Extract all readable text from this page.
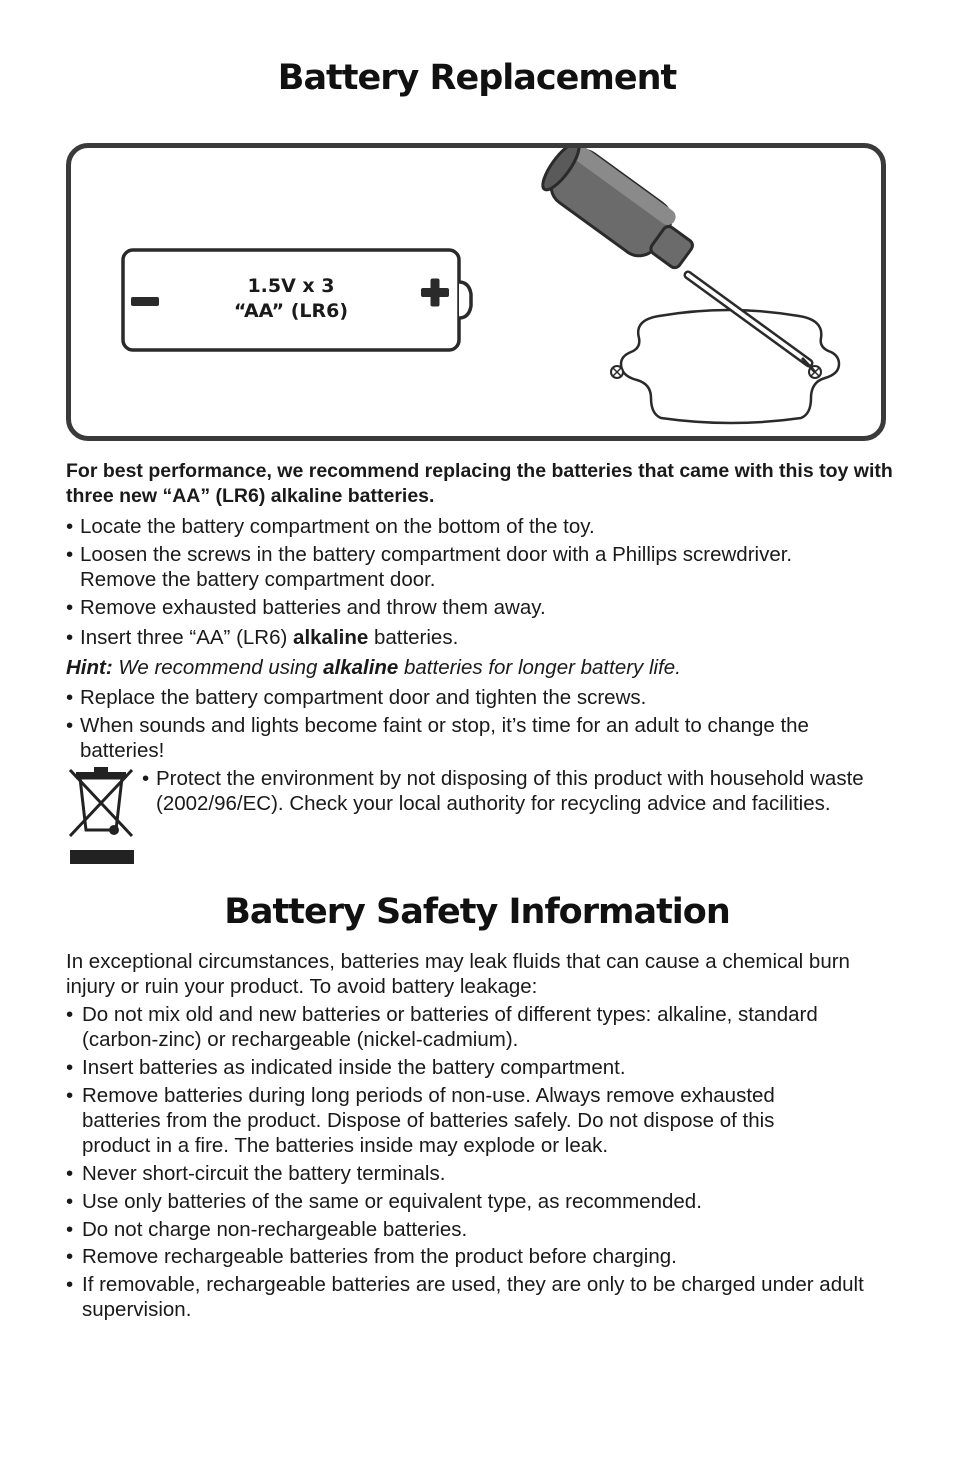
Battery Replacement
1.5V x 3
“AA” (LR6)
For best performance, we recommend replacing the batteries that came with this toy with three new “AA” (LR6) alkaline batteries.
• Locate the battery compartment on the bottom of the toy.
• Loosen the screws in the battery compartment door with a Phillips screwdriver. Remove the battery compartment door.
• Remove exhausted batteries and throw them away.
• Insert three “AA” (LR6) alkaline batteries.
Hint: We recommend using alkaline batteries for longer battery life.
• Replace the battery compartment door and tighten the screws.
• When sounds and lights become faint or stop, it’s time for an adult to change the batteries!
• Protect the environment by not disposing of this product with household waste (2002/96/EC). Check your local authority for recycling advice and facilities.
Battery Safety Information
In exceptional circumstances, batteries may leak fluids that can cause a chemical burn injury or ruin your product. To avoid battery leakage:
• Do not mix old and new batteries or batteries of different types: alkaline, standard (carbon-zinc) or rechargeable (nickel-cadmium).
• Insert batteries as indicated inside the battery compartment.
• Remove batteries during long periods of non-use. Always remove exhausted batteries from the product. Dispose of batteries safely. Do not dispose of this product in a fire. The batteries inside may explode or leak.
• Never short-circuit the battery terminals.
• Use only batteries of the same or equivalent type, as recommended.
• Do not charge non-rechargeable batteries.
• Remove rechargeable batteries from the product before charging.
• If removable, rechargeable batteries are used, they are only to be charged under adult supervision.
